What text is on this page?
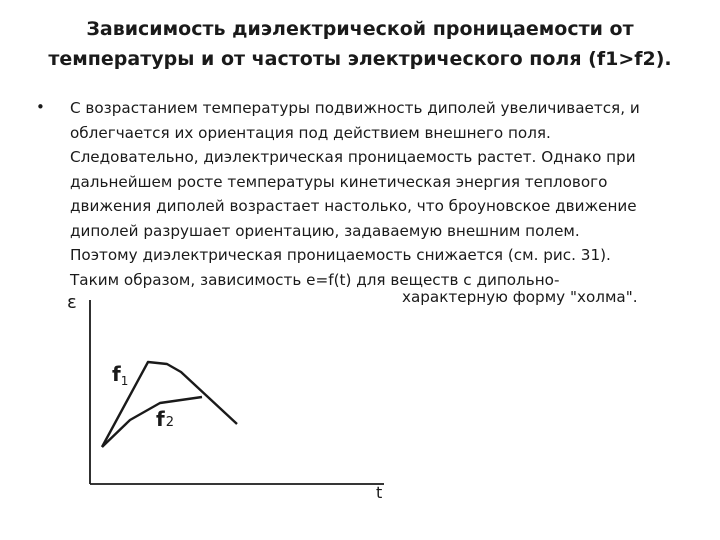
Зависимость диэлектрической проницаемости от
температуры и от частоты электрического поля (f1>f2).
• С возрастанием температуры подвижность диполей увеличивается, и
облегчается их ориентация под действием внешнего поля.
Следовательно, диэлектрическая проницаемость растет. Однако при
дальнейшем росте температуры кинетическая энергия теплового
движения диполей возрастает настолько, что броуновское движение
диполей разрушает ориентацию, задаваемую внешним полем.
Поэтому диэлектрическая проницаемость снижается (см. рис. 31).
Таким образом, зависимость e=f(t) для веществ с дипольно-
характерную форму "холма".
ε
t
$f_1$
f2
